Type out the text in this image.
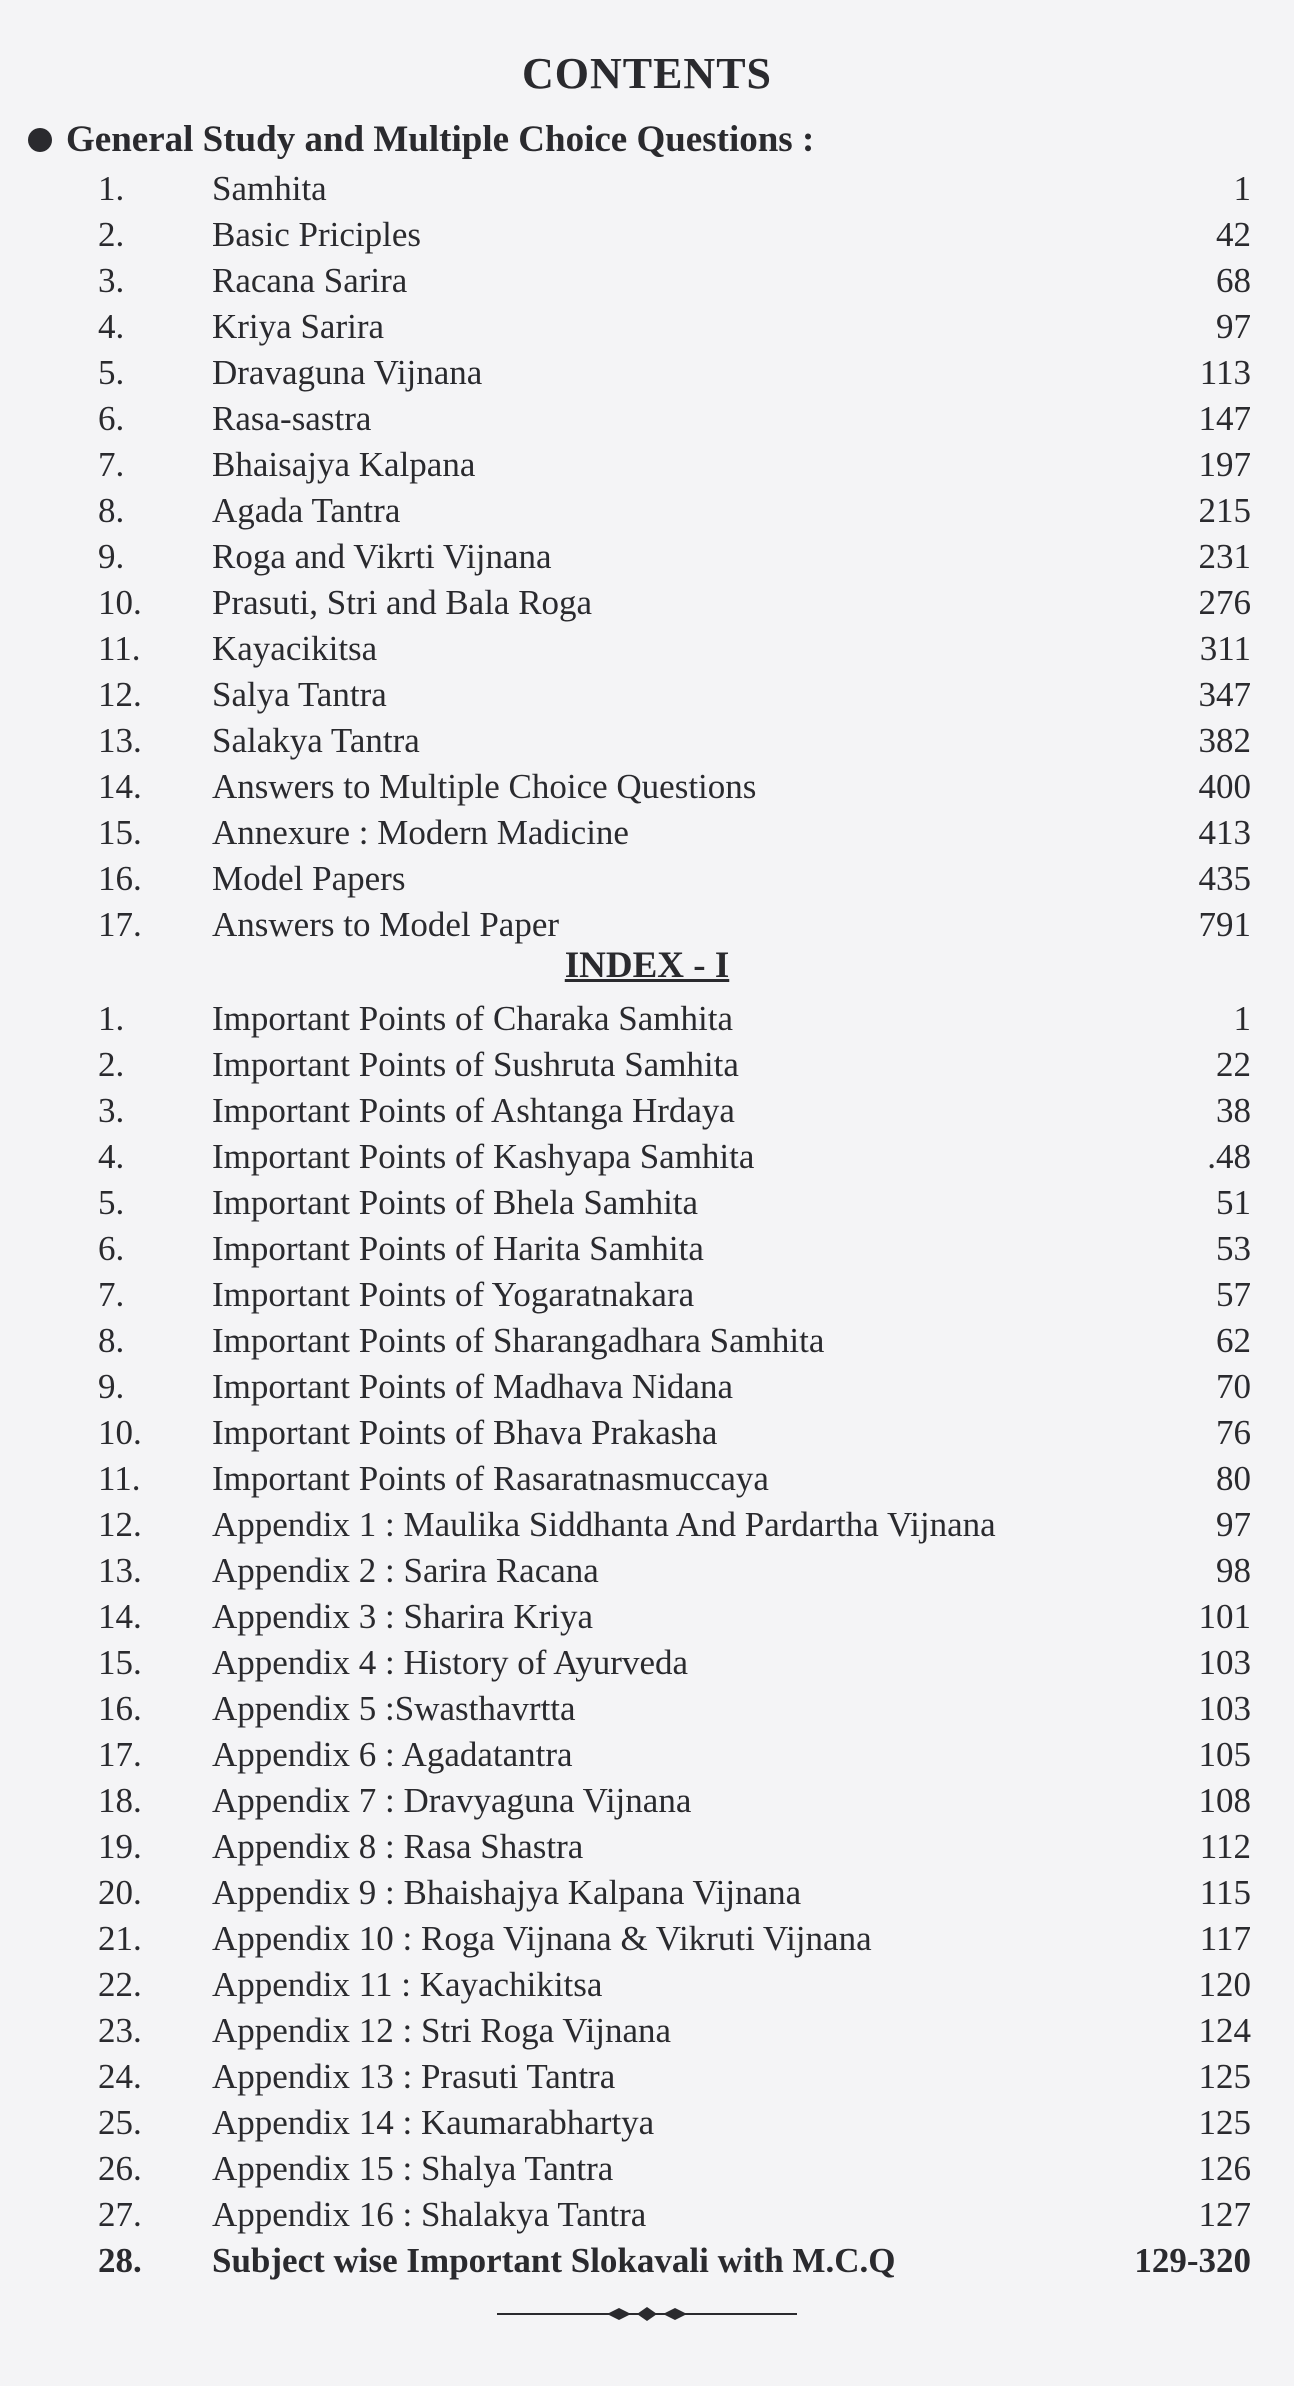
CONTENTS
General Study and Multiple Choice Questions :
1.	Samhita	1
2.	Basic Priciples	42
3.	Racana Sarira	68
4.	Kriya Sarira	97
5.	Dravaguna Vijnana	113
6.	Rasa-sastra	147
7.	Bhaisajya Kalpana	197
8.	Agada Tantra	215
9.	Roga and Vikrti Vijnana	231
10. Prasuti, Stri and Bala Roga	276
11. Kayacikitsa	311
12. Salya Tantra	347
13. Salakya Tantra	382
14. Answers to Multiple Choice Questions	400
15. Annexure : Modern Madicine	413
16. Model Papers	435
17. Answers to Model Paper	791
INDEX - I
1.	Important Points of Charaka Samhita	1
2.	Important Points of Sushruta Samhita	22
3.	Important Points of Ashtanga Hrdaya	38
4.	Important Points of Kashyapa Samhita	.48
5.	Important Points of Bhela Samhita	51
6.	Important Points of Harita Samhita	53
7.	Important Points of Yogaratnakara	57
8.	Important Points of Sharangadhara Samhita	62
9.	Important Points of Madhava Nidana	70
10. Important Points of Bhava Prakasha	76
11. Important Points of Rasaratnasmuccaya	80
12. Appendix 1 : Maulika Siddhanta And Pardartha Vijnana	97
13. Appendix 2 : Sarira Racana	98
14. Appendix 3 : Sharira Kriya	101
15. Appendix 4 : History of Ayurveda	103
16. Appendix 5 :Swasthavrtta	103
17. Appendix 6 : Agadatantra	105
18. Appendix 7 : Dravyaguna Vijnana	108
19. Appendix 8 : Rasa Shastra	112
20. Appendix 9 : Bhaishajya Kalpana Vijnana	115
21. Appendix 10 : Roga Vijnana & Vikruti Vijnana	117
22. Appendix 11 : Kayachikitsa	120
23. Appendix 12 : Stri Roga Vijnana	124
24. Appendix 13 : Prasuti Tantra	125
25. Appendix 14 : Kaumarabhartya	125
26. Appendix 15 : Shalya Tantra	126
27. Appendix 16 : Shalakya Tantra	127
28. Subject wise Important Slokavali with M.C.Q	129-320
